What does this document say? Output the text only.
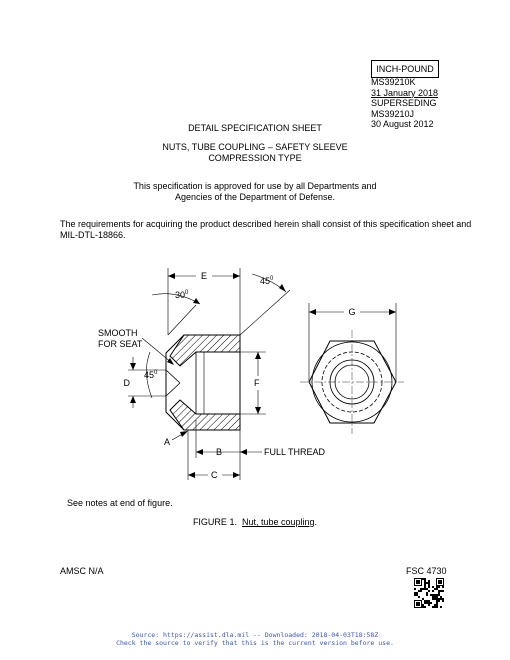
INCH-POUND
MS39210K
31 January 2018
SUPERSEDING
MS39210J
30 August 2012
DETAIL SPECIFICATION SHEET
NUTS, TUBE COUPLING – SAFETY SLEEVE
COMPRESSION TYPE
This specification is approved for use by all Departments and
Agencies of the Department of Defense.
The requirements for acquiring the product described herein shall consist of this specification sheet and
MIL-DTL-18866.
E	$45^0$
$30^0$
SMOOTH
FOR SEAT
$45^0$
D	F
A
B	FULL THREAD
C
G
See notes at end of figure.
FIGURE 1. Nut, tube coupling.
AMSC N/A	FSC 4730
Source: https://assist.dla.mil -- Downloaded: 2018-04-03T18:58Z
Check the source to verify that this is the current version before use.
